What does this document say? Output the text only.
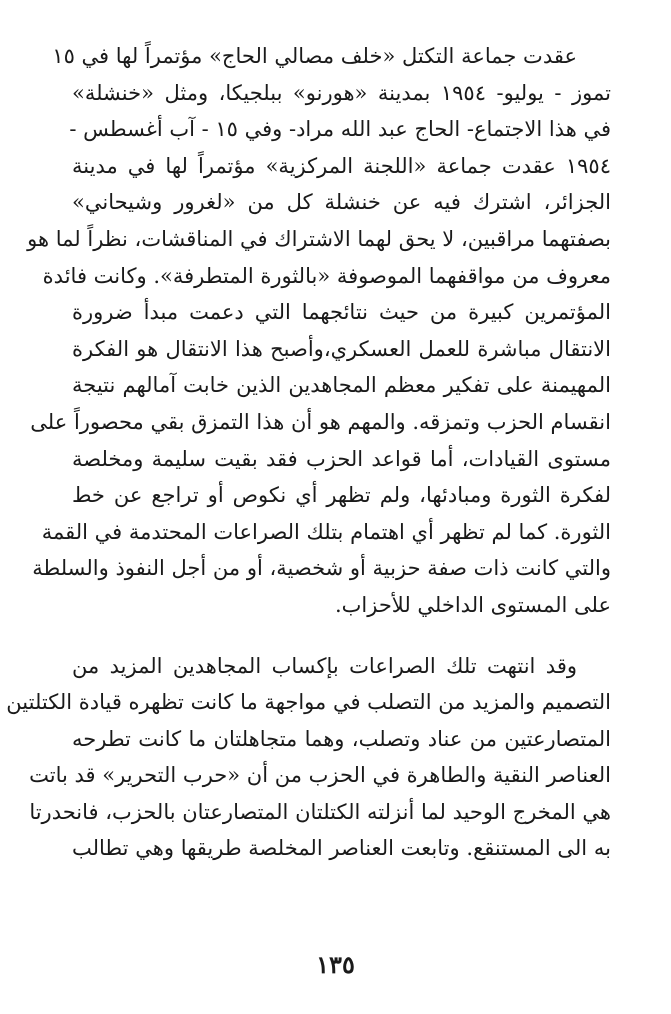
عقدت جماعة التكتل «خلف مصالي الحاج» مؤتمراً لها في ١٥
تموز - يوليو- ١٩٥٤ بمدينة «هورنو» ببلجيكا، ومثل «خنشلة»
في هذا الاجتماع- الحاج عبد الله مراد- وفي ١٥ - آب أغسطس -
١٩٥٤ عقدت جماعة «اللجنة المركزية» مؤتمراً لها في مدينة
الجزائر، اشترك فيه عن خنشلة كل من «لغرور وشيحاني»
بصفتهما مراقبين، لا يحق لهما الاشتراك في المناقشات، نظراً لما هو
معروف من مواقفهما الموصوفة «بالثورة المتطرفة». وكانت فائدة
المؤتمرين كبيرة من حيث نتائجهما التي دعمت مبدأ ضرورة
الانتقال مباشرة للعمل العسكري،وأصبح هذا الانتقال هو الفكرة
المهيمنة على تفكير معظم المجاهدين الذين خابت آمالهم نتيجة
انقسام الحزب وتمزقه. والمهم هو أن هذا التمزق بقي محصوراً على
مستوى القيادات، أما قواعد الحزب فقد بقيت سليمة ومخلصة
لفكرة الثورة ومبادئها، ولم تظهر أي نكوص أو تراجع عن خط
الثورة. كما لم تظهر أي اهتمام بتلك الصراعات المحتدمة في القمة
والتي كانت ذات صفة حزبية أو شخصية، أو من أجل النفوذ والسلطة
على المستوى الداخلي للأحزاب.
وقد انتهت تلك الصراعات بإكساب المجاهدين المزيد من
التصميم والمزيد من التصلب في مواجهة ما كانت تظهره قيادة الكتلتين
المتصارعتين من عناد وتصلب، وهما متجاهلتان ما كانت تطرحه
العناصر النقية والطاهرة في الحزب من أن «حرب التحرير» قد باتت
هي المخرج الوحيد لما أنزلته الكتلتان المتصارعتان بالحزب، فانحدرتا
به الى المستنقع. وتابعت العناصر المخلصة طريقها وهي تطالب
١٣٥
